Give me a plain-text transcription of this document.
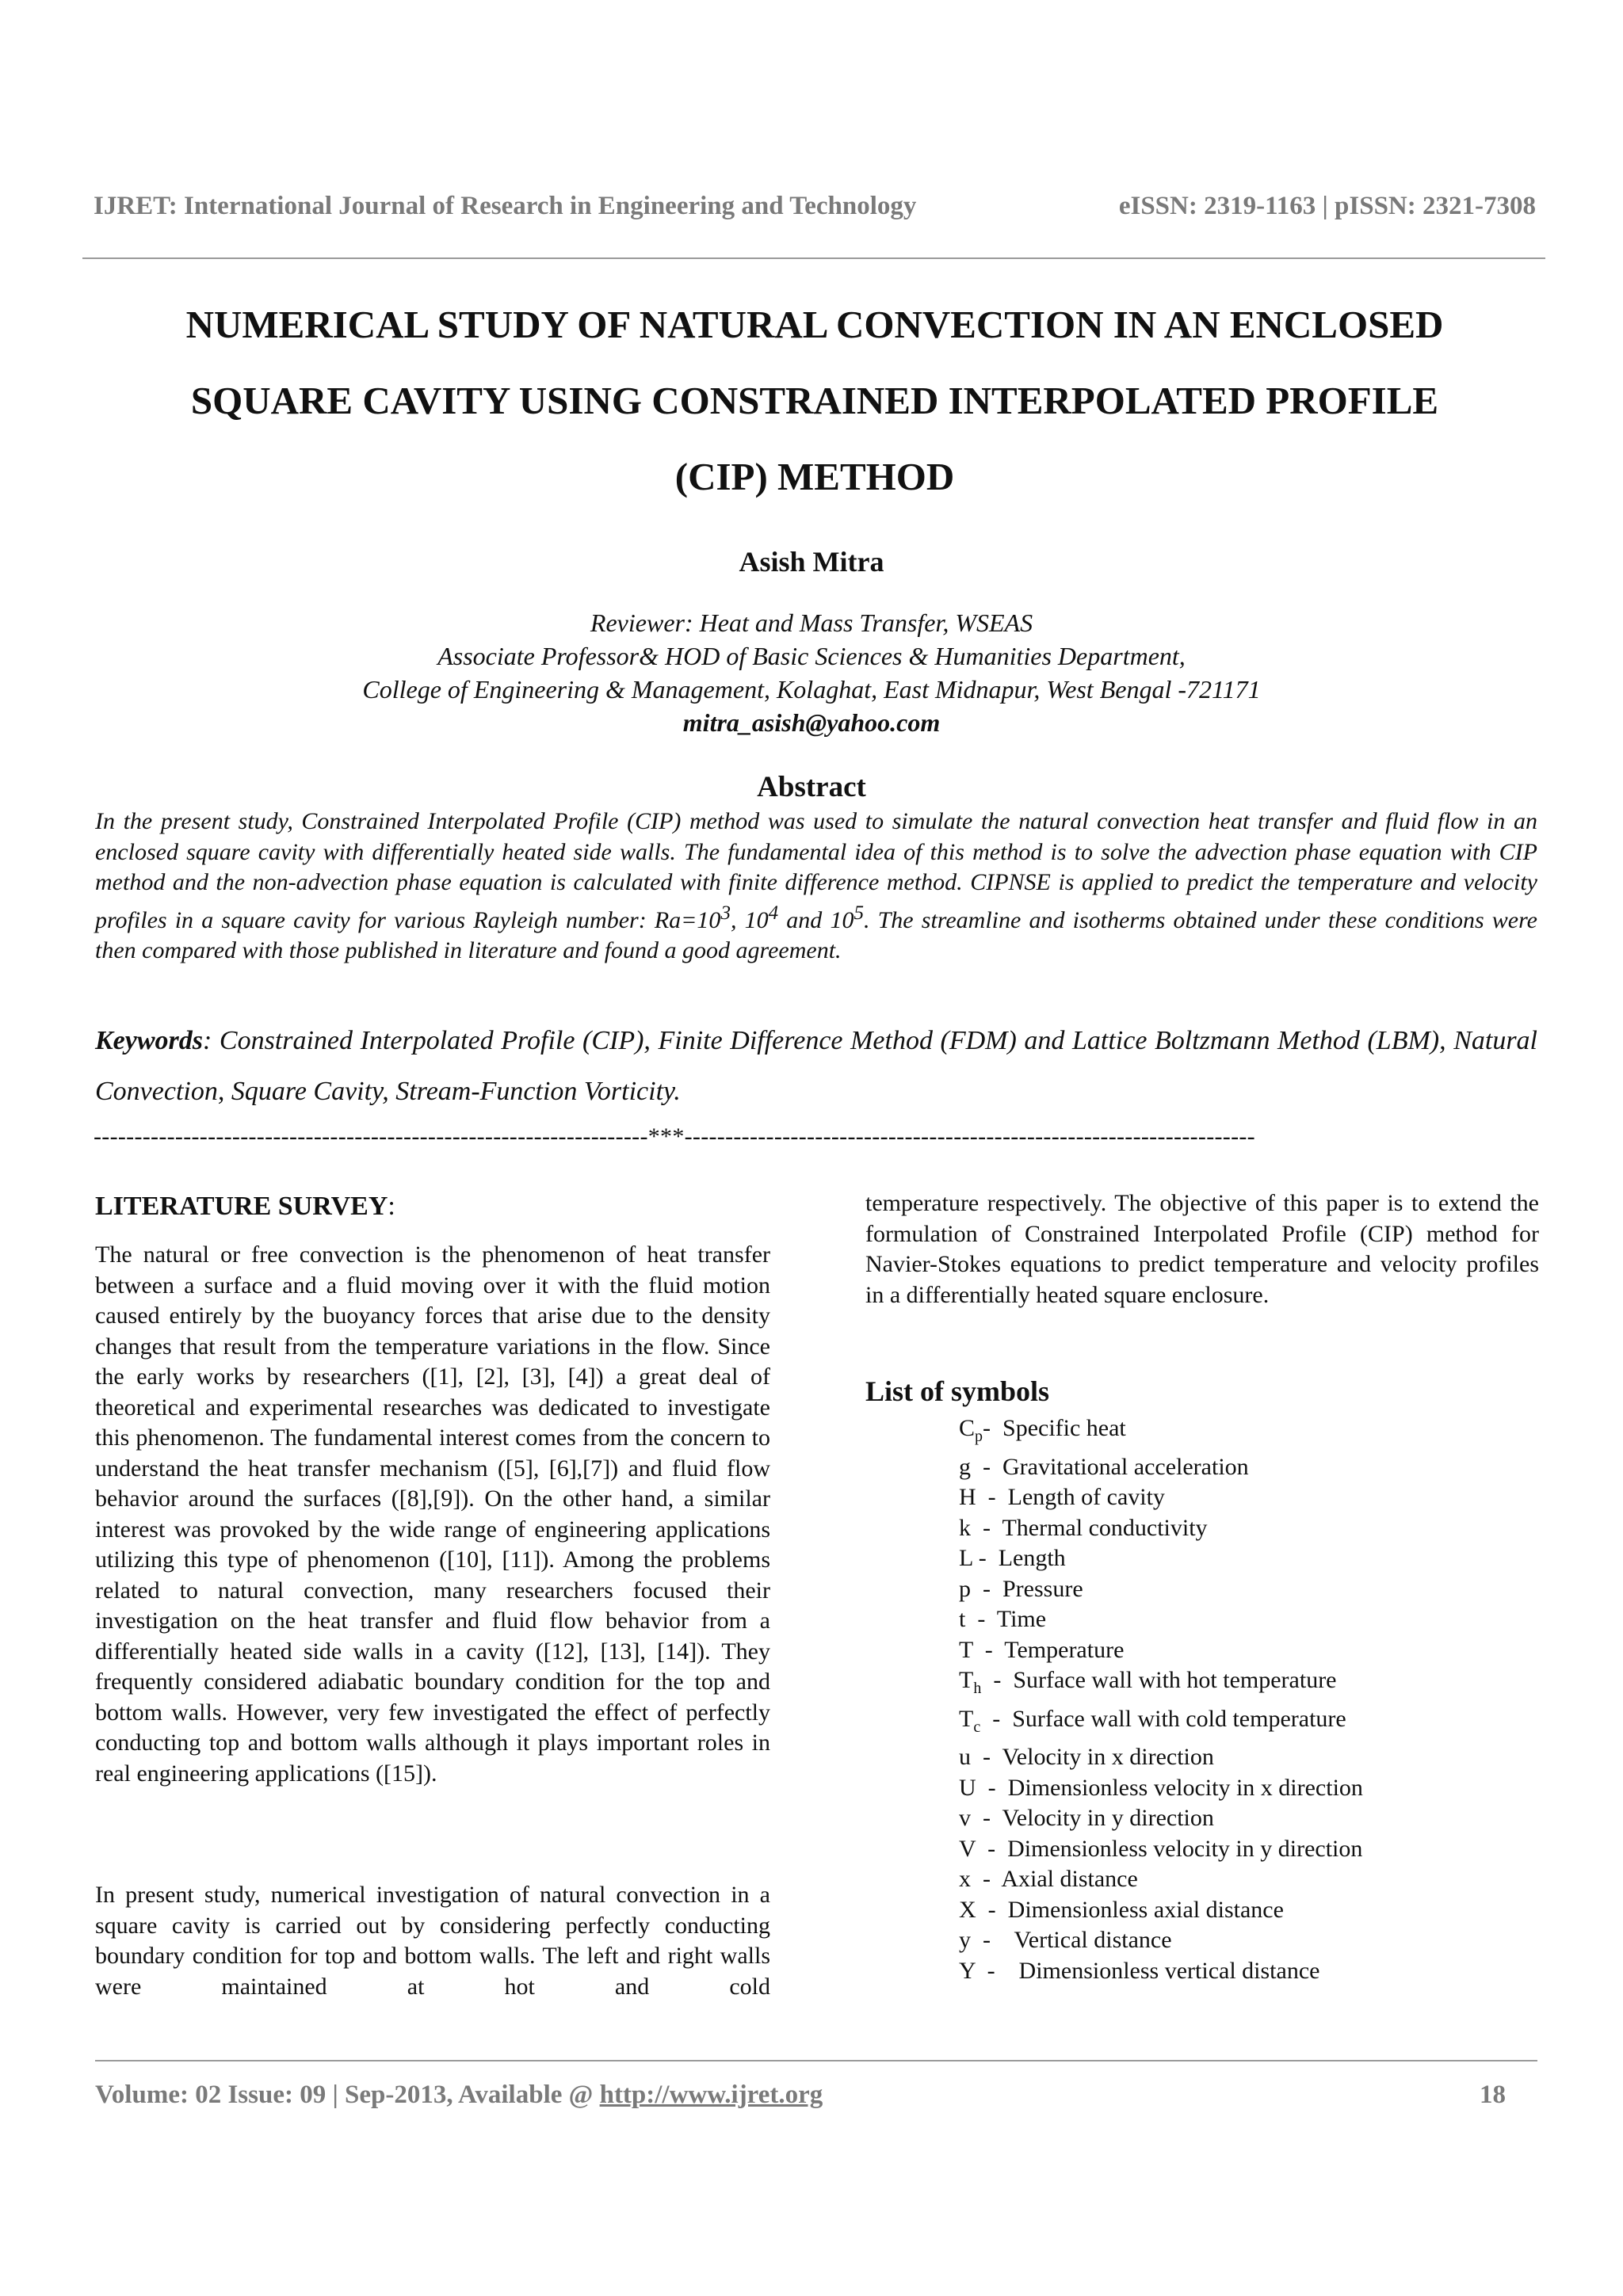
IJRET: International Journal of Research in Engineering and Technology	eISSN: 2319-1163 | pISSN: 2321-7308
NUMERICAL STUDY OF NATURAL CONVECTION IN AN ENCLOSED
SQUARE CAVITY USING CONSTRAINED INTERPOLATED PROFILE
(CIP) METHOD
Asish Mitra
Reviewer: Heat and Mass Transfer, WSEAS
Associate Professor& HOD of Basic Sciences & Humanities Department,
College of Engineering & Management, Kolaghat, East Midnapur, West Bengal -721171
mitra_asish@yahoo.com
Abstract
In the present study, Constrained Interpolated Profile (CIP) method was used to simulate the natural convection heat transfer and fluid flow in an enclosed square cavity with differentially heated side walls. The fundamental idea of this method is to solve the advection phase equation with CIP method and the non-advection phase equation is calculated with finite difference method. CIPNSE is applied to predict the temperature and velocity profiles in a square cavity for various Rayleigh number: $Ra=10^3$, $10^4$ and $10^5$. The streamline and isotherms obtained under these conditions were then compared with those published in literature and found a good agreement.
Keywords: Constrained Interpolated Profile (CIP), Finite Difference Method (FDM) and Lattice Boltzmann Method (LBM), Natural Convection, Square Cavity, Stream-Function Vorticity.
--------------------------------------------------------------------***----------------------------------------------------------------------
LITERATURE SURVEY:
The natural or free convection is the phenomenon of heat transfer between a surface and a fluid moving over it with the fluid motion caused entirely by the buoyancy forces that arise due to the density changes that result from the temperature variations in the flow. Since the early works by researchers ([1], [2], [3], [4]) a great deal of theoretical and experimental researches was dedicated to investigate this phenomenon. The fundamental interest comes from the concern to understand the heat transfer mechanism ([5], [6],[7]) and fluid flow behavior around the surfaces ([8],[9]). On the other hand, a similar interest was provoked by the wide range of engineering applications utilizing this type of phenomenon ([10], [11]). Among the problems related to natural convection, many researchers focused their investigation on the heat transfer and fluid flow behavior from a differentially heated side walls in a cavity ([12], [13], [14]). They frequently considered adiabatic boundary condition for the top and bottom walls. However, very few investigated the effect of perfectly conducting top and bottom walls although it plays important roles in real engineering applications ([15]).
In present study, numerical investigation of natural convection in a square cavity is carried out by considering perfectly conducting boundary condition for top and bottom walls. The left and right walls were maintained at hot and cold
temperature respectively. The objective of this paper is to extend the formulation of Constrained Interpolated Profile (CIP) method for Navier-Stokes equations to predict temperature and velocity profiles in a differentially heated square enclosure.
List of symbols
$C_p-$  Specific heat
g  -  Gravitational acceleration
H  -  Length of cavity
k  -  Thermal conductivity
L -  Length
p  -  Pressure
t  -  Time
T  -  Temperature
$T_h$  -  Surface wall with hot temperature
$T_c$  -  Surface wall with cold temperature
u  -  Velocity in x direction
U  -  Dimensionless velocity in x direction
v  -  Velocity in y direction
V  -  Dimensionless velocity in y direction
x  -  Axial distance
X  -  Dimensionless axial distance
y  -    Vertical distance
Y  -    Dimensionless vertical distance
Volume: 02 Issue: 09 | Sep-2013, Available @ http://www.ijret.org	18
